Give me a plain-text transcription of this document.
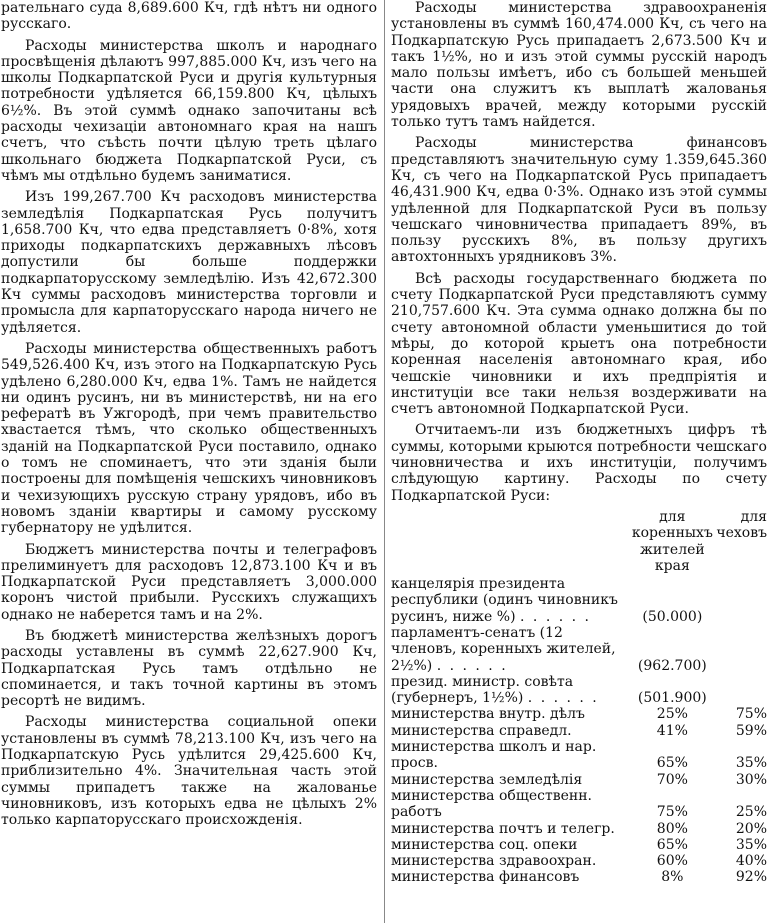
рательнаго суда 8,689.600 Кч, гдѣ нѣтъ ни одного русскаго.

Расходы министерства школъ и народнаго просвѣщенія дѣлаютъ 997,885.000 Кч, изъ чего на школы Подкарпатской Руси и другія культурныя потребности удѣляется 66,159.800 Кч, цѣлыхъ 6½%. Въ этой суммѣ однако започитаны всѣ расходы чехизаціи автономнаго края на нашъ счетъ, что съѣсть почти цѣлую треть цѣлаго школьнаго бюджета Подкарпатской Руси, съ чѣмъ мы отдѣльно будемъ заниматися.

Изъ 199,267.700 Кч расходовъ министерства земледѣлія Подкарпатская Русь получитъ 1,658.700 Кч, что едва представляетъ 0·8%, хотя приходы подкарпатскихъ державныхъ лѣсовъ допустили бы больше поддержки подкарпаторусскому земледѣлію. Изъ 42,672.300 Кч суммы расходовъ министерства торговли и промысла для карпаторусскаго народа ничего не удѣляется.

Расходы министерства общественныхъ работъ 549,526.400 Кч, изъ этого на Подкарпатскую Русь удѣлено 6,280.000 Кч, едва 1%. Тамъ не найдется ни одинъ русинъ, ни въ министерствѣ, ни на его рефератѣ въ Ужгородѣ, при чемъ правительство хвастается тѣмъ, что сколько общественныхъ зданій на Подкарпатской Руси поставило, однако о томъ не споминаетъ, что эти зданія были построены для помѣщенія чешскихъ чиновниковъ и чехизующихъ русскую страну урядовъ, ибо въ новомъ зданіи квартиры и самому русскому губернатору не удѣлится.

Бюджетъ министерства почты и телеграфовъ прелиминуетъ для расходовъ 12,873.100 Кч и въ Подкарпатской Руси представляетъ 3,000.000 коронъ чистой прибыли. Русскихъ служащихъ однако не наберется тамъ и на 2%.

Въ бюджетѣ министерства желѣзныхъ дорогъ расходы уставлены въ суммѣ 22,627.900 Кч, Подкарпатская Русь тамъ отдѣльно не споминается, и такъ точной картины въ этомъ ресортѣ не видимъ.

Расходы министерства социальной опеки установлены въ суммѣ 78,213.100 Кч, изъ чего на Подкарпатскую Русь удѣлится 29,425.600 Кч, приблизительно 4%. Значительная часть этой суммы припадетъ также на жалованье чиновниковъ, изъ которыхъ едва не цѣлыхъ 2% только карпаторусскаго происхожденія.

Расходы министерства здравоохраненія установлены въ суммѣ 160,474.000 Кч, съ чего на Подкарпатскую Русь припадаетъ 2,673.500 Кч и такъ 1½%, но и изъ этой суммы русскій народъ мало пользы имѣетъ, ибо съ большей меньшей части она служитъ къ выплатѣ жалованья урядовыхъ врачей, между которыми русскій только тутъ тамъ найдется.

Расходы министерства финансовъ представляютъ значительную суму 1.359,645.360 Кч, съ чего на Подкарпатской Русь припадаетъ 46,431.900 Кч, едва 0·3%. Однако изъ этой суммы удѣленной для Подкарпатской Руси въ пользу чешскаго чиновничества припадаетъ 89%, въ пользу русскихъ 8%, въ пользу другихъ автохтонныхъ урядниковъ 3%.

Всѣ расходы государственнаго бюджета по счету Подкарпатской Руси представляютъ сумму 210,757.600 Кч. Эта сумма однако должна бы по счету автономной области уменьшитися до той мѣры, до которой крыетъ она потребности коренная населенія автономнаго края, ибо чешскіе чиновники и ихъ предпріятія и институціи все таки нельзя воздерживати на счетъ автономной Подкарпатской Руси.

Отчитаемъ-ли изъ бюджетныхъ цифръ тѣ суммы, которыми крыются потребности чешскаго чиновничества и ихъ институціи, получимъ слѣдующую картину. Расходы по счету Подкарпатской Руси:

	для коренныхъ жителей края	для чеховъ
канцелярія президента республики (одинъ чиновникъ русинъ, ниже %) . . . . . .	(50.000)	
парламентъ-сенатъ (12 членовъ, коренныхъ жителей, 2½%) . . . . . .	(962.700)	
презид. министр. совѣта (губернеръ, 1½%) . . . . . .	(501.900)	
министерства внутр. дѣлъ	25%	75%
министерства справедл.	41%	59%
министерства школъ и нар. просв.	65%	35%
министерства земледѣлія	70%	30%
министерства общественн. работъ	75%	25%
министерства почтъ и телегр.	80%	20%
министерства соц. опеки	65%	35%
министерства здравоохран.	60%	40%
министерства финансовъ	8%	92%
